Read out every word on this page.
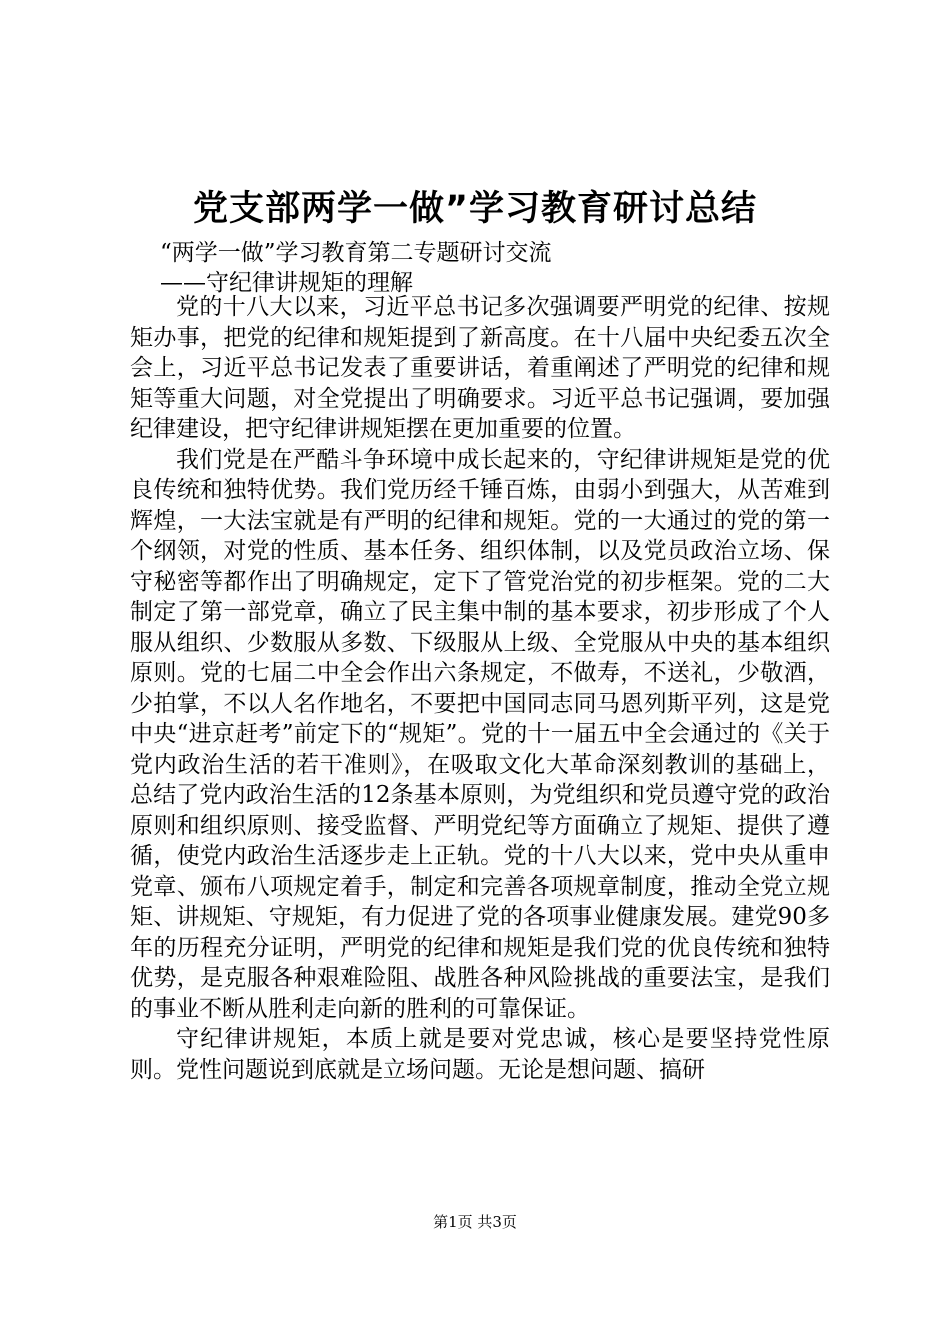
党支部两学一做”学习教育研讨总结
“两学一做”学习教育第二专题研讨交流
——守纪律讲规矩的理解

党的十八大以来，习近平总书记多次强调要严明党的纪律、按规矩办事，把党的纪律和规矩提到了新高度。在十八届中央纪委五次全会上，习近平总书记发表了重要讲话，着重阐述了严明党的纪律和规矩等重大问题，对全党提出了明确要求。习近平总书记强调，要加强纪律建设，把守纪律讲规矩摆在更加重要的位置。

我们党是在严酷斗争环境中成长起来的，守纪律讲规矩是党的优良传统和独特优势。我们党历经千锤百炼，由弱小到强大，从苦难到辉煌，一大法宝就是有严明的纪律和规矩。党的一大通过的党的第一个纲领，对党的性质、基本任务、组织体制，以及党员政治立场、保守秘密等都作出了明确规定，定下了管党治党的初步框架。党的二大制定了第一部党章，确立了民主集中制的基本要求，初步形成了个人服从组织、少数服从多数、下级服从上级、全党服从中央的基本组织原则。党的七届二中全会作出六条规定，不做寿，不送礼，少敬酒，少拍掌，不以人名作地名，不要把中国同志同马恩列斯平列，这是党中央“进京赶考”前定下的“规矩”。党的十一届五中全会通过的《关于党内政治生活的若干准则》，在吸取文化大革命深刻教训的基础上，总结了党内政治生活的12条基本原则，为党组织和党员遵守党的政治原则和组织原则、接受监督、严明党纪等方面确立了规矩、提供了遵循，使党内政治生活逐步走上正轨。党的十八大以来，党中央从重申党章、颁布八项规定着手，制定和完善各项规章制度，推动全党立规矩、讲规矩、守规矩，有力促进了党的各项事业健康发展。建党90多年的历程充分证明，严明党的纪律和规矩是我们党的优良传统和独特优势，是克服各种艰难险阻、战胜各种风险挑战的重要法宝，是我们的事业不断从胜利走向新的胜利的可靠保证。

守纪律讲规矩，本质上就是要对党忠诚，核心是要坚持党性原则。党性问题说到底就是立场问题。无论是想问题、搞研

第1页 共3页
